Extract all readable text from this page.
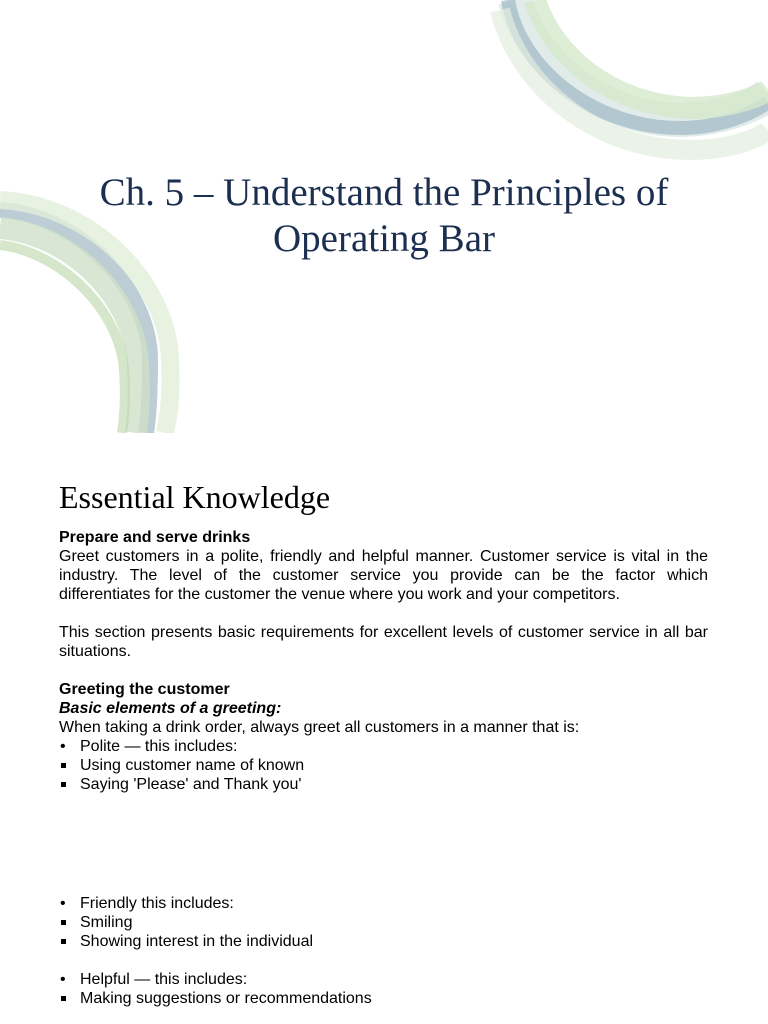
Ch. 5 – Understand the Principles of
Operating Bar
Essential Knowledge

Prepare and serve drinks

Greet customers in a polite, friendly and helpful manner. Customer service is vital in the industry. The level of the customer service you provide can be the factor which differentiates for the customer the venue where you work and your competitors.

This section presents basic requirements for excellent levels of customer service in all bar situations.

Greeting the customer

Basic elements of a greeting:

When taking a drink order, always greet all customers in a manner that is:

• Polite — this includes:
Using customer name of known
Saying 'Please' and Thank you'
• Friendly this includes:
Smiling
Showing interest in the individual
• Helpful — this includes:
Making suggestions or recommendations
